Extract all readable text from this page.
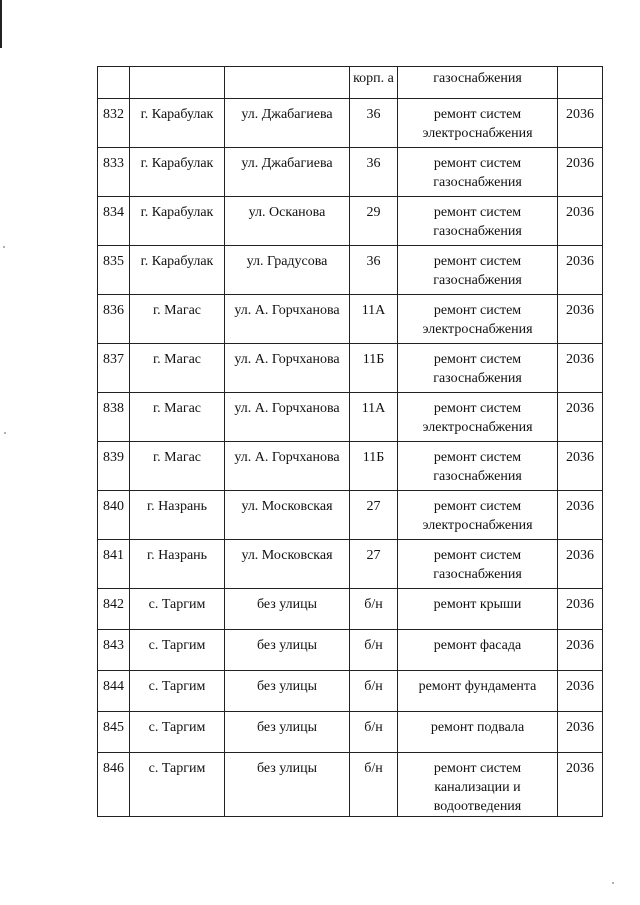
			корп. а	газоснабжения	
832	г. Карабулак	ул. Джабагиева	36	ремонт систем
электроснабжения	2036
833	г. Карабулак	ул. Джабагиева	36	ремонт систем
газоснабжения	2036
834	г. Карабулак	ул. Осканова	29	ремонт систем
газоснабжения	2036
835	г. Карабулак	ул. Градусова	36	ремонт систем
газоснабжения	2036
836	г. Магас	ул. А. Горчханова	11А	ремонт систем
электроснабжения	2036
837	г. Магас	ул. А. Горчханова	11Б	ремонт систем
газоснабжения	2036
838	г. Магас	ул. А. Горчханова	11А	ремонт систем
электроснабжения	2036
839	г. Магас	ул. А. Горчханова	11Б	ремонт систем
газоснабжения	2036
840	г. Назрань	ул. Московская	27	ремонт систем
электроснабжения	2036
841	г. Назрань	ул. Московская	27	ремонт систем
газоснабжения	2036
842	с. Таргим	без улицы	б/н	ремонт крыши	2036
843	с. Таргим	без улицы	б/н	ремонт фасада	2036
844	с. Таргим	без улицы	б/н	ремонт фундамента	2036
845	с. Таргим	без улицы	б/н	ремонт подвала	2036
846	с. Таргим	без улицы	б/н	ремонт систем
канализации и
водоотведения	2036
